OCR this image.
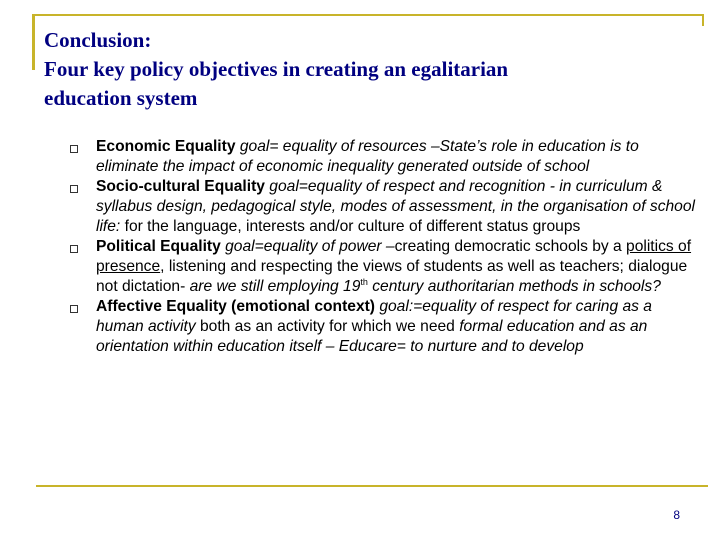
Conclusion:
Four key policy objectives in creating an egalitarian
education system
Economic Equality goal= equality of resources –State’s role in education is to eliminate the impact of economic inequality generated outside of school
Socio-cultural Equality goal=equality of respect and recognition - in curriculum & syllabus design, pedagogical style, modes of assessment, in the organisation of school life: for the language, interests and/or culture of different status groups
Political Equality goal=equality of power –creating democratic schools by a politics of presence, listening and respecting the views of students as well as teachers; dialogue not dictation- are we still employing 19th century authoritarian methods in schools?
Affective Equality (emotional context) goal:=equality of respect for caring as a human activity both as an activity for which we need formal education and as an orientation within education itself – Educare= to nurture and to develop
8
